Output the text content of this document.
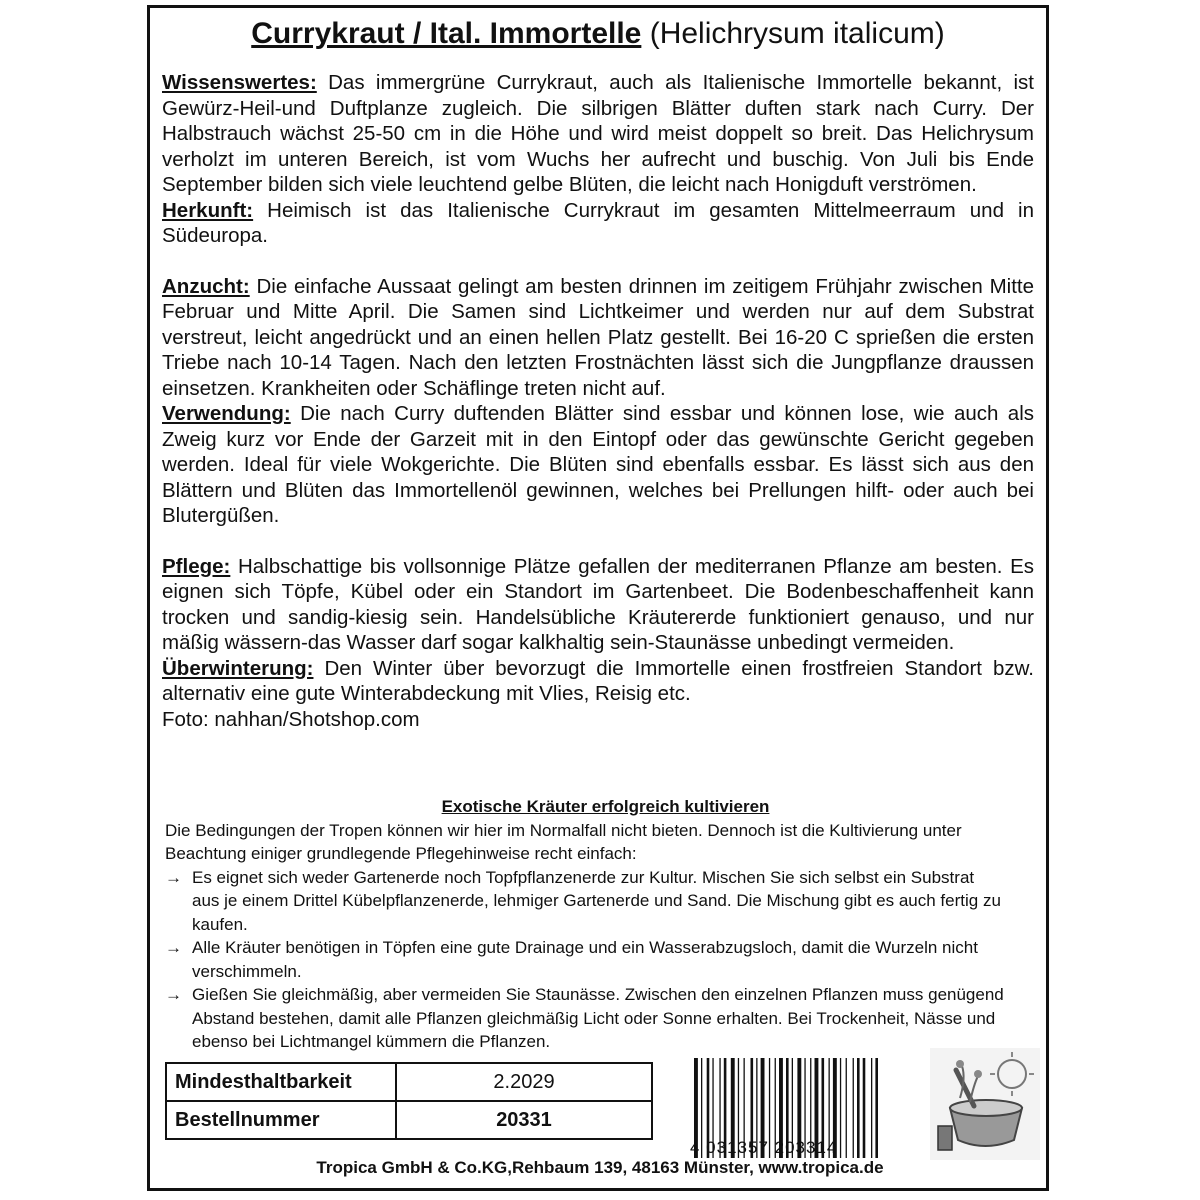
Currykraut / Ital. Immortelle (Helichrysum italicum)

Wissenswertes: Das immergrüne Currykraut, auch als Italienische Immortelle bekannt, ist Gewürz-Heil-und Duftplanze zugleich. Die silbrigen Blätter duften stark nach Curry. Der Halbstrauch wächst 25-50 cm in die Höhe und wird meist doppelt so breit. Das Helichrysum verholzt im unteren Bereich, ist vom Wuchs her aufrecht und buschig. Von Juli bis Ende September bilden sich viele leuchtend gelbe Blüten, die leicht nach Honigduft verströmen.

Herkunft: Heimisch ist das Italienische Currykraut im gesamten Mittelmeerraum und in Südeuropa.

Anzucht: Die einfache Aussaat gelingt am besten drinnen im zeitigem Frühjahr zwischen Mitte Februar und Mitte April. Die Samen sind Lichtkeimer und werden nur auf dem Substrat verstreut, leicht angedrückt und an einen hellen Platz gestellt. Bei 16-20 C sprießen die ersten Triebe nach 10-14 Tagen. Nach den letzten Frostnächten lässt sich die Jungpflanze draussen einsetzen. Krankheiten oder Schäflinge treten nicht auf.

Verwendung: Die nach Curry duftenden Blätter sind essbar und können lose, wie auch als Zweig kurz vor Ende der Garzeit mit in den Eintopf oder das gewünschte Gericht gegeben werden. Ideal für viele Wokgerichte. Die Blüten sind ebenfalls essbar. Es lässt sich aus den Blättern und Blüten das Immortellenöl gewinnen, welches bei Prellungen hilft- oder auch bei Blutergüßen.

Pflege: Halbschattige bis vollsonnige Plätze gefallen der mediterranen Pflanze am besten. Es eignen sich Töpfe, Kübel oder ein Standort im Gartenbeet. Die Bodenbeschaffenheit kann trocken und sandig-kiesig sein. Handelsübliche Kräutererde funktioniert genauso, und nur mäßig wässern-das Wasser darf sogar kalkhaltig sein-Staunässe unbedingt vermeiden.

Überwinterung: Den Winter über bevorzugt die Immortelle einen frostfreien Standort bzw. alternativ eine gute Winterabdeckung mit Vlies, Reisig etc.

Foto: nahhan/Shotshop.com

Exotische Kräuter erfolgreich kultivieren

Die Bedingungen der Tropen können wir hier im Normalfall nicht bieten. Dennoch ist die Kultivierung unter Beachtung einiger grundlegende Pflegehinweise recht einfach:

→ Es eignet sich weder Gartenerde noch Topfpflanzenerde zur Kultur. Mischen Sie sich selbst ein Substrat aus je einem Drittel Kübelpflanzenerde, lehmiger Gartenerde und Sand. Die Mischung gibt es auch fertig zu kaufen.
→ Alle Kräuter benötigen in Töpfen eine gute Drainage und ein Wasserabzugsloch, damit die Wurzeln nicht verschimmeln.
→ Gießen Sie gleichmäßig, aber vermeiden Sie Staunässe. Zwischen den einzelnen Pflanzen muss genügend Abstand bestehen, damit alle Pflanzen gleichmäßig Licht oder Sonne erhalten. Bei Trockenheit, Nässe und ebenso bei Lichtmangel kümmern die Pflanzen.
Mindesthaltbarkeit	2.2029
Bestellnummer	20331
4 031357 203314
Tropica GmbH & Co.KG,Rehbaum 139, 48163 Münster, www.tropica.de
